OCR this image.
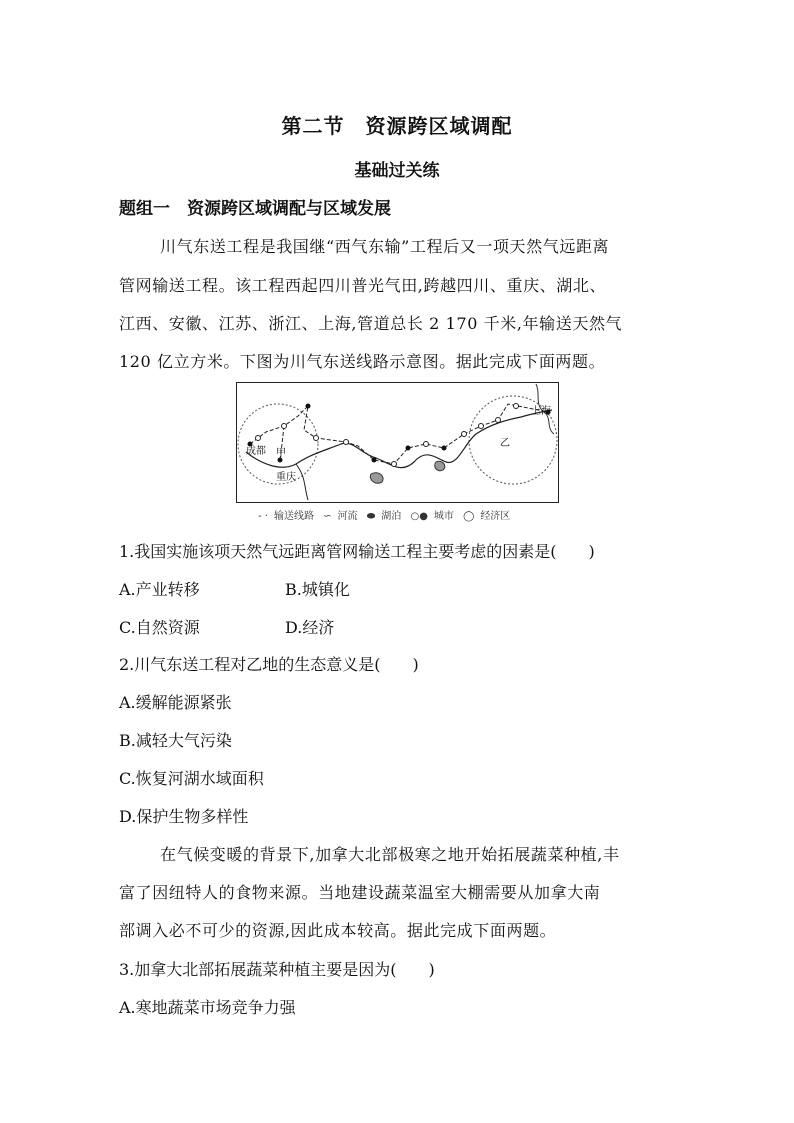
第二节　资源跨区域调配
基础过关练
题组一　资源跨区域调配与区域发展
川气东送工程是我国继“西气东输”工程后又一项天然气远距离
管网输送工程。该工程西起四川普光气田,跨越四川、重庆、湖北、
江西、安徽、江苏、浙江、上海,管道总长 2 170 千米,年输送天然气
120 亿立方米。下图为川气东送线路示意图。据此完成下面两题。
成都 甲
重庆
上海
乙
- · 输送线路 ∽ 河流 ⬬ 湖泊 ○● 城市 ◯ 经济区
1.我国实施该项天然气远距离管网输送工程主要考虑的因素是(　　)
A.产业转移	B.城镇化
C.自然资源	D.经济
2.川气东送工程对乙地的生态意义是(　　)
A.缓解能源紧张
B.减轻大气污染
C.恢复河湖水域面积
D.保护生物多样性
在气候变暖的背景下,加拿大北部极寒之地开始拓展蔬菜种植,丰
富了因纽特人的食物来源。当地建设蔬菜温室大棚需要从加拿大南
部调入必不可少的资源,因此成本较高。据此完成下面两题。
3.加拿大北部拓展蔬菜种植主要是因为(　　)
A.寒地蔬菜市场竞争力强
